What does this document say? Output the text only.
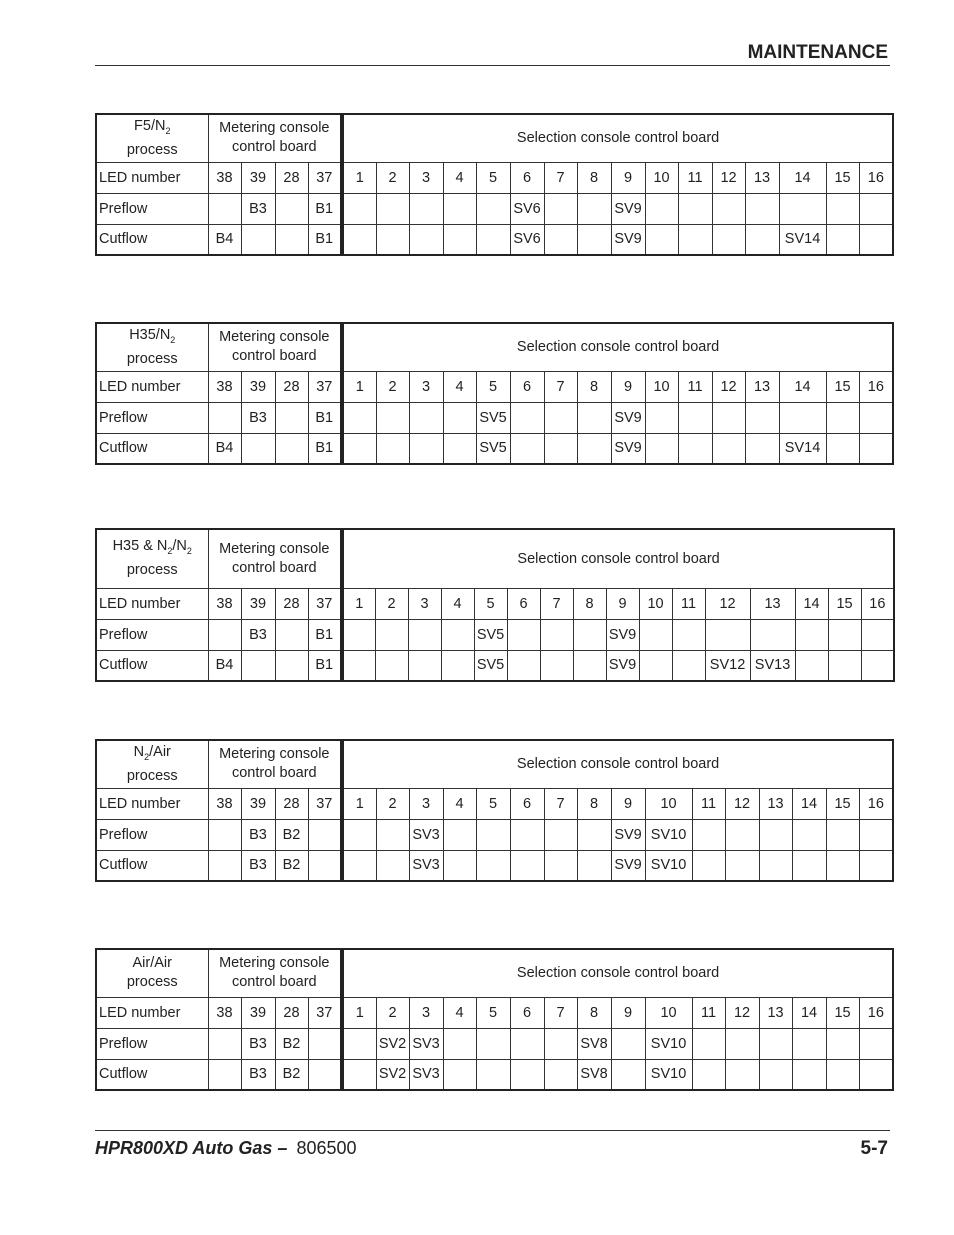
MAINTENANCE
$F5/N_2$
process	Metering console
control board				Selection console control board															
LED number	38	39	28	37	1	2	3	4	5	6	7	8	9	10	11	12	13	14	15	16
Preflow		B3		B1						SV6			SV9							
Cutflow	B4			B1						SV6			SV9					SV14		
$H35/N_2$
process	Metering console
control board				Selection console control board															
LED number	38	39	28	37	1	2	3	4	5	6	7	8	9	10	11	12	13	14	15	16
Preflow		B3		B1					SV5				SV9							
Cutflow	B4			B1					SV5				SV9					SV14		
H35 & $N_2/N_2$
process	Metering console
control board				Selection console control board															
LED number	38	39	28	37	1	2	3	4	5	6	7	8	9	10	11	12	13	14	15	16
Preflow		B3		B1					SV5				SV9							
Cutflow	B4			B1					SV5				SV9			SV12	SV13			
$N_2$/Air
process	Metering console
control board				Selection console control board															
LED number	38	39	28	37	1	2	3	4	5	6	7	8	9	10	11	12	13	14	15	16
Preflow		B3	B2				SV3						SV9	SV10						
Cutflow		B3	B2				SV3						SV9	SV10						
Air/Air
process	Metering console
control board				Selection console control board															
LED number	38	39	28	37	1	2	3	4	5	6	7	8	9	10	11	12	13	14	15	16
Preflow		B3	B2			SV2	SV3					SV8		SV10						
Cutflow		B3	B2			SV2	SV3					SV8		SV10						
HPR800XD Auto Gas – 806500	5-7
